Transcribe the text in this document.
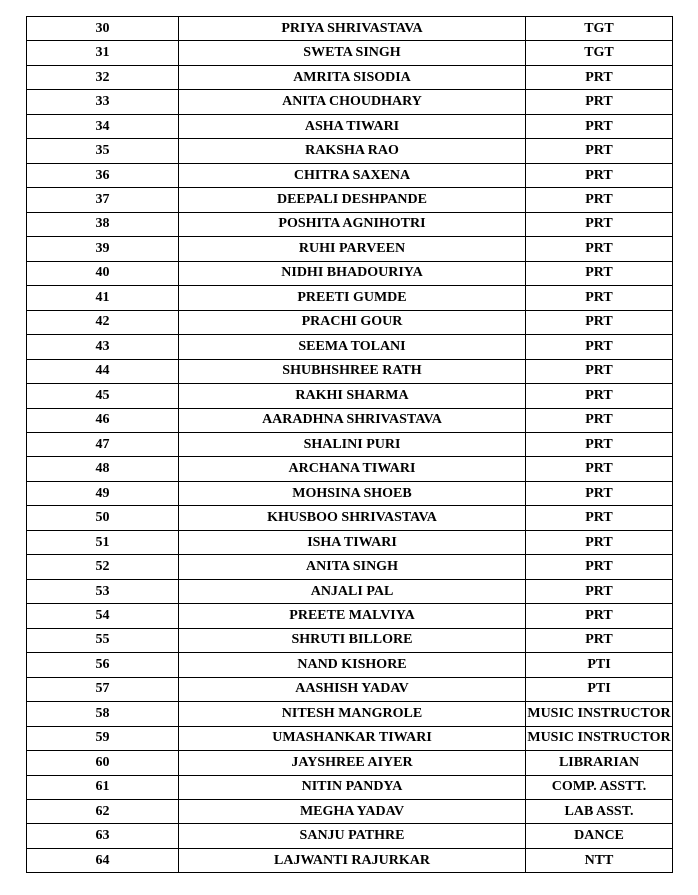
30	PRIYA SHRIVASTAVA	TGT
31	SWETA SINGH	TGT
32	AMRITA SISODIA	PRT
33	ANITA CHOUDHARY	PRT
34	ASHA TIWARI	PRT
35	RAKSHA RAO	PRT
36	CHITRA SAXENA	PRT
37	DEEPALI DESHPANDE	PRT
38	POSHITA AGNIHOTRI	PRT
39	RUHI PARVEEN	PRT
40	NIDHI BHADOURIYA	PRT
41	PREETI GUMDE	PRT
42	PRACHI GOUR	PRT
43	SEEMA TOLANI	PRT
44	SHUBHSHREE RATH	PRT
45	RAKHI SHARMA	PRT
46	AARADHNA SHRIVASTAVA	PRT
47	SHALINI PURI	PRT
48	ARCHANA TIWARI	PRT
49	MOHSINA SHOEB	PRT
50	KHUSBOO SHRIVASTAVA	PRT
51	ISHA TIWARI	PRT
52	ANITA SINGH	PRT
53	ANJALI PAL	PRT
54	PREETE MALVIYA	PRT
55	SHRUTI BILLORE	PRT
56	NAND KISHORE	PTI
57	AASHISH YADAV	PTI
58	NITESH MANGROLE	MUSIC INSTRUCTOR
59	UMASHANKAR TIWARI	MUSIC INSTRUCTOR
60	JAYSHREE AIYER	LIBRARIAN
61	NITIN PANDYA	COMP. ASSTT.
62	MEGHA YADAV	LAB ASST.
63	SANJU PATHRE	DANCE
64	LAJWANTI RAJURKAR	NTT
